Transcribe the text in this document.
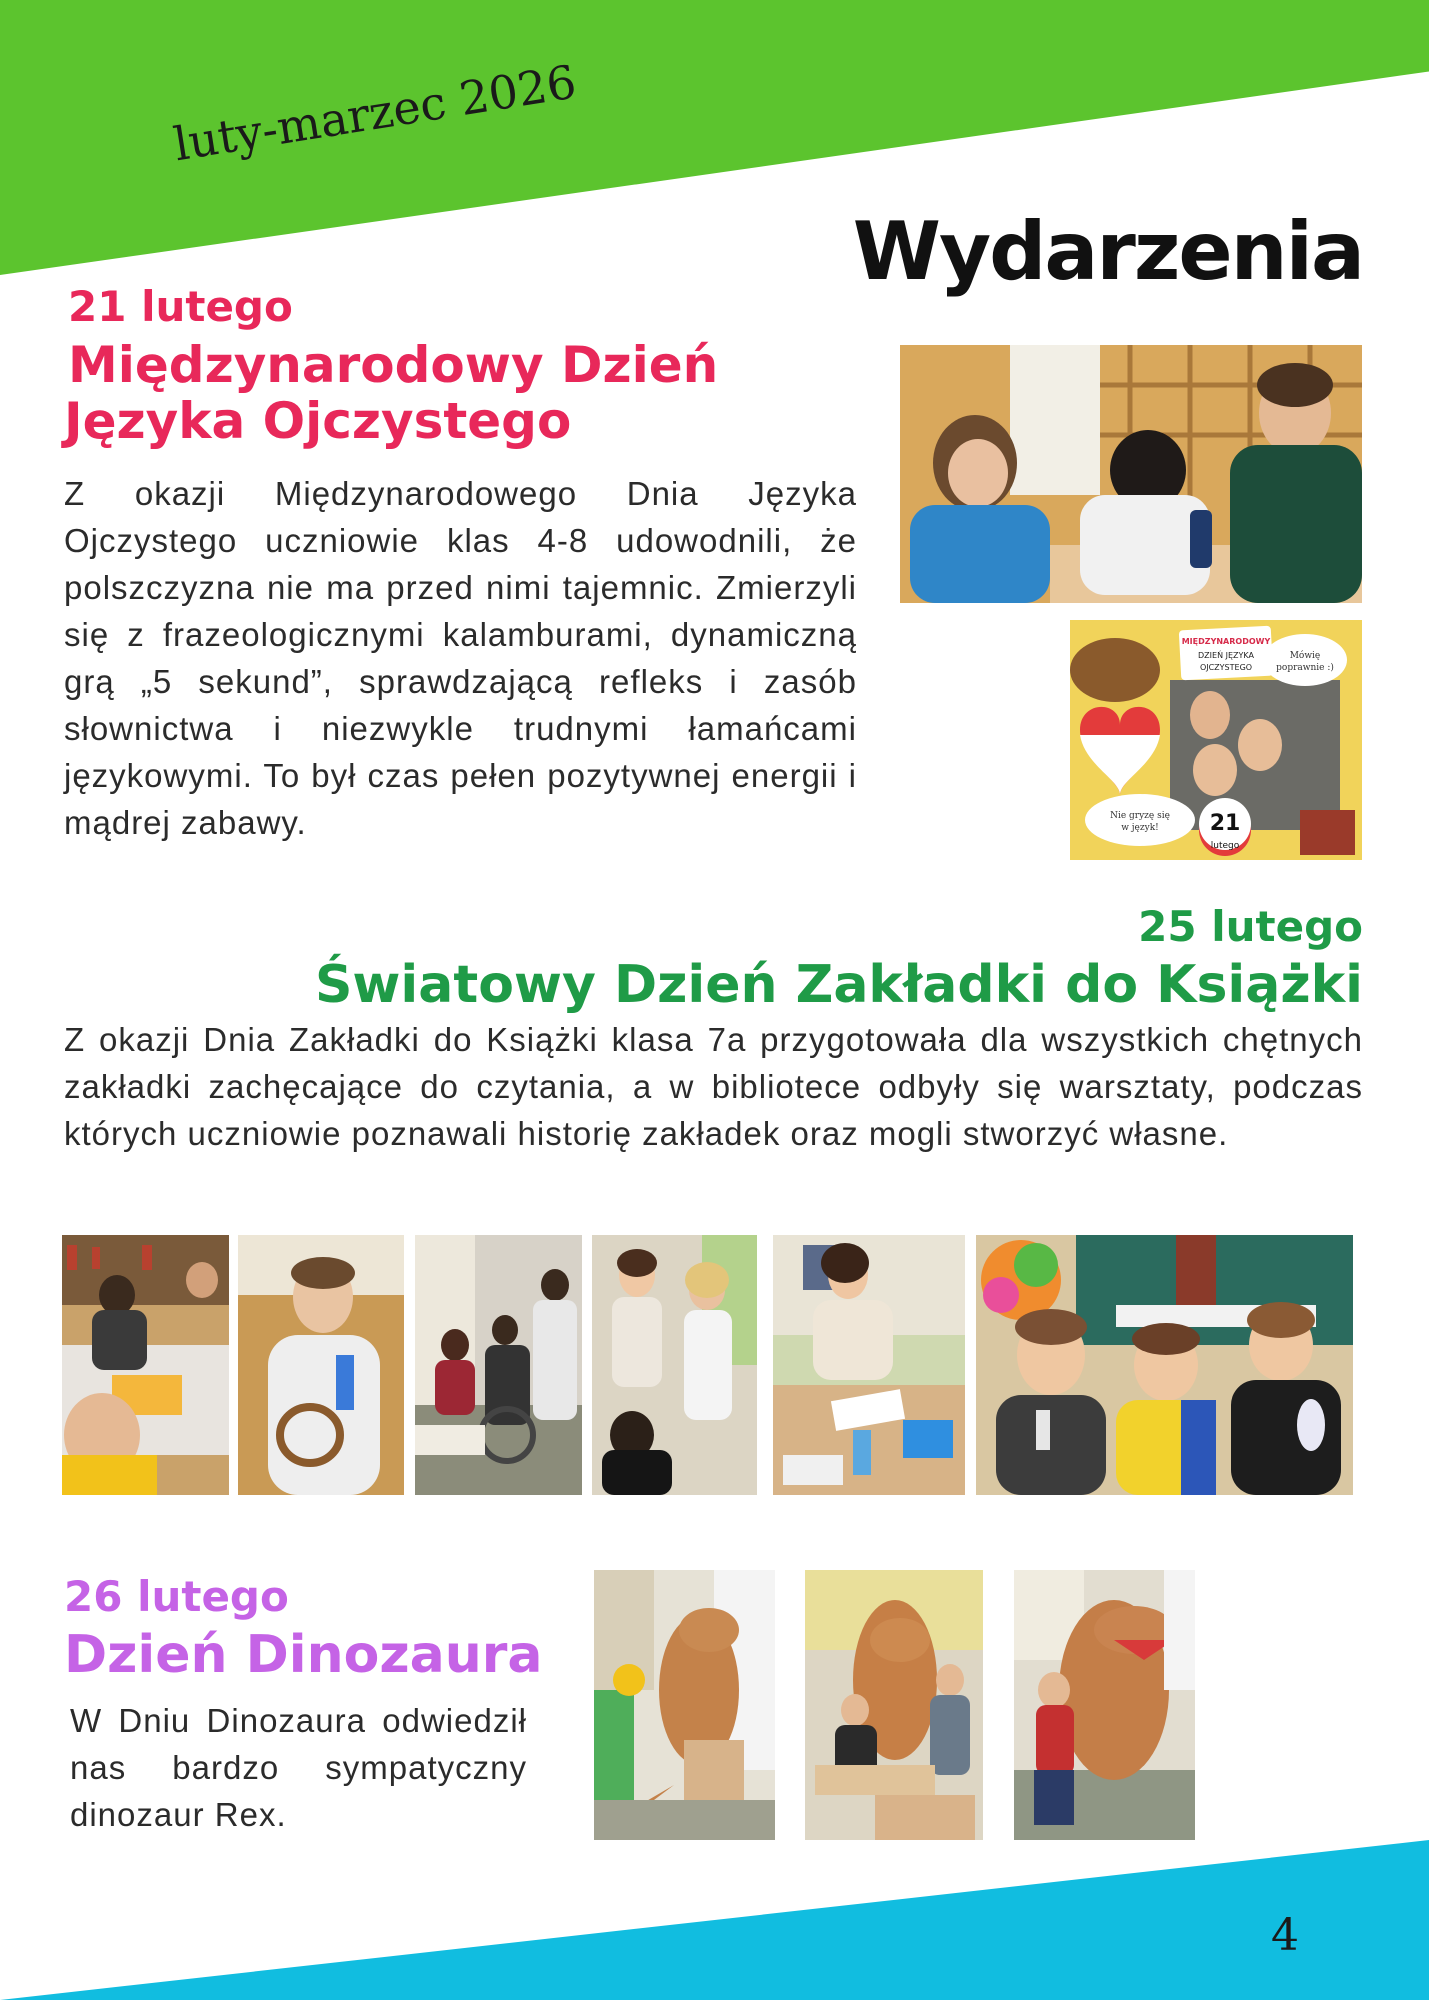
luty-marzec 2026
Wydarzenia
21 lutego
Międzynarodowy Dzień
Języka Ojczystego

Z okazji Międzynarodowego Dnia Języka Ojczystego uczniowie klas 4-8 udowodnili, że polszczyzna nie ma przed nimi tajemnic. Zmierzyli się z frazeologicznymi kalamburami, dynamiczną grą „5 sekund”, sprawdzającą refleks i zasób słownictwa i niezwykle trudnymi łamańcami językowymi. To był czas pełen pozytywnej energii i mądrej zabawy.

MIĘDZYNARODOWY
DZIEŃ JĘZYKA
OJCZYSTEGO
Mówię
poprawnie :)
Nie gryzę się
w język! 21
lutego
25 lutego
Światowy Dzień Zakładki do Książki

Z okazji Dnia Zakładki do Książki klasa 7a przygotowała dla wszystkich chętnych zakładki zachęcające do czytania, a w bibliotece odbyły się warsztaty, podczas których uczniowie poznawali historię zakładek oraz mogli stworzyć własne.

26 lutego
Dzień Dinozaura

W Dniu Dinozaura odwiedził nas bardzo sympatyczny dinozaur Rex.

4
